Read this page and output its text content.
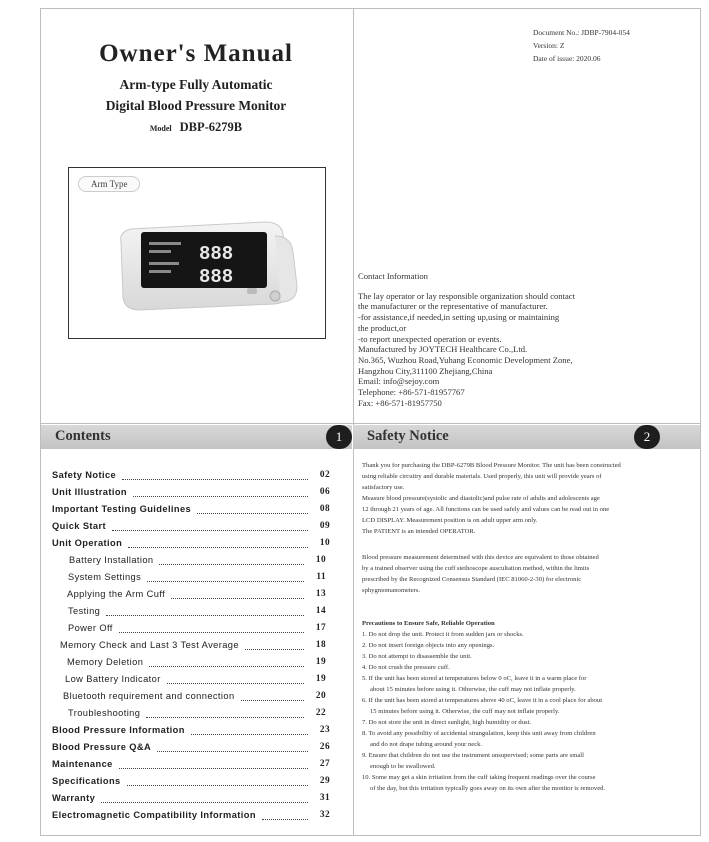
Owner's Manual
Arm-type Fully Automatic
Digital Blood Pressure Monitor
Model DBP-6279B
Arm Type
888
888
Document No.: JDBP-7904-054
Version: Z
Date of issue: 2020.06
Contact Information
The lay operator or lay responsible organization should contact
the manufacturer or the representative of manufacturer.
-for assistance,if needed,in setting up,using or maintaining
the product,or
-to report unexpected operation or events.
Manufactured by JOYTECH Healthcare Co.,Ltd.
No.365, Wuzhou Road,Yuhang Economic Development Zone,
Hangzhou City,311100 Zhejiang,China
Email: info@sejoy.com
Telephone: +86-571-81957767
Fax: +86-571-81957750
Contents	1	Safety Notice	2
Safety Notice	02
Unit Illustration	06
Important Testing Guidelines	08
Quick Start	09
Unit Operation	10
Battery Installation	10
System Settings	11
Applying the Arm Cuff	13
Testing	14
Power Off	17
Memory Check and Last 3 Test Average	18
Memory Deletion	19
Low Battery Indicator	19
Bluetooth requirement and connection	20
Troubleshooting	22
Blood Pressure Information	23
Blood Pressure Q&A	26
Maintenance	27
Specifications	29
Warranty	31
Electromagnetic Compatibility Information	32

Thank you for purchasing the DBP-6279B Blood Pressure Monitor. The unit has been constructed

using reliable circuitry and durable materials. Used properly, this unit will provide years of

satisfactory use.

Measure blood pressure(systolic and diastolic)and pulse rate of adults and adolescents age

12 through 21 years of age. All functions can be used safely and values can be read out in one

LCD DISPLAY. Measurement position is on adult upper arm only.

The PATIENT is an intended OPERATOR.

Blood pressure measurement determined with this device are equivalent to those obtained

by a trained observer using the cuff stethoscope auscultation method, within the limits

prescribed by the Recognized Consensus Standard (IEC 81060-2-30) for electronic

sphygmomanometers.

Precautions to Ensure Safe, Reliable Operation

1. Do not drop the unit. Protect it from sudden jars or shocks.
2. Do not insert foreign objects into any openings.
3. Do not attempt to disassemble the unit.
4. Do not crush the pressure cuff.
5. If the unit has been stored at temperatures below 0 oC, leave it in a warm place for
about 15 minutes before using it. Otherwise, the cuff may not inflate properly.
6. If the unit has been stored at temperatures above 40 oC, leave it in a cool place for about
15 minutes before using it. Otherwise, the cuff may not inflate properly.
7. Do not store the unit in direct sunlight, high humidity or dust.
8. To avoid any possibility of accidental strangulation, keep this unit away from children
and do not drape tubing around your neck.
9. Ensure that children do not use the instrument unsupervised; some parts are small
enough to be swallowed.
10. Some may get a skin irritation from the cuff taking frequent readings over the course
of the day, but this irritation typically goes away on its own after the monitor is removed.
